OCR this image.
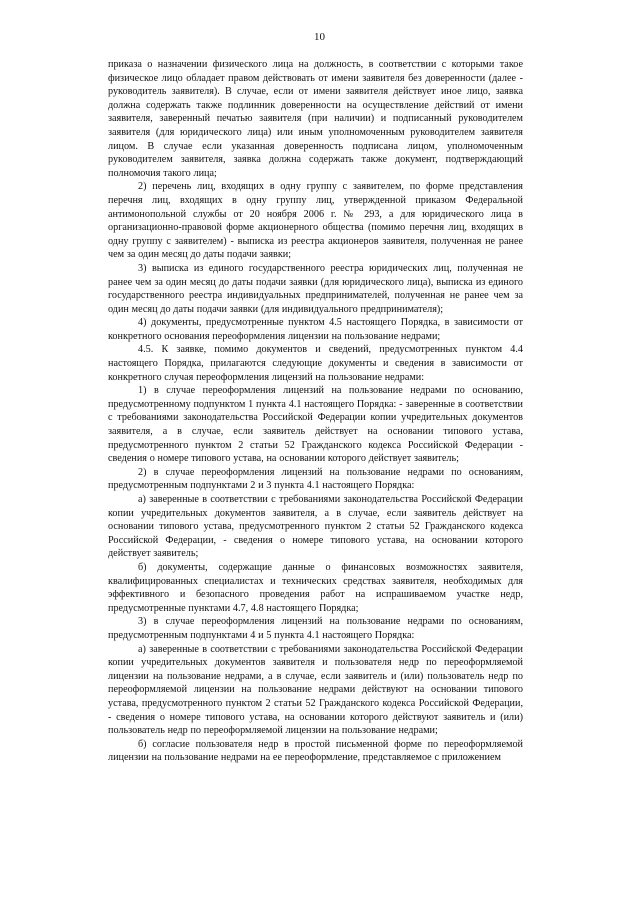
10

приказа о назначении физического лица на должность, в соответствии с которыми такое физическое лицо обладает правом действовать от имени заявителя без доверенности (далее - руководитель заявителя). В случае, если от имени заявителя действует иное лицо, заявка должна содержать также подлинник доверенности на осуществление действий от имени заявителя, заверенный печатью заявителя (при наличии) и подписанный руководителем заявителя (для юридического лица) или иным уполномоченным руководителем заявителя лицом. В случае если указанная доверенность подписана лицом, уполномоченным руководителем заявителя, заявка должна содержать также документ, подтверждающий полномочия такого лица;

2) перечень лиц, входящих в одну группу с заявителем, по форме представления перечня лиц, входящих в одну группу лиц, утвержденной приказом Федеральной антимонопольной службы от 20 ноября 2006 г. № 293, а для юридического лица в организационно-правовой форме акционерного общества (помимо перечня лиц, входящих в одну группу с заявителем) - выписка из реестра акционеров заявителя, полученная не ранее чем за один месяц до даты подачи заявки;

3) выписка из единого государственного реестра юридических лиц, полученная не ранее чем за один месяц до даты подачи заявки (для юридического лица), выписка из единого государственного реестра индивидуальных предпринимателей, полученная не ранее чем за один месяц до даты подачи заявки (для индивидуального предпринимателя);

4) документы, предусмотренные пунктом 4.5 настоящего Порядка, в зависимости от конкретного основания переоформления лицензии на пользование недрами;

4.5. К заявке, помимо документов и сведений, предусмотренных пунктом 4.4 настоящего Порядка, прилагаются следующие документы и сведения в зависимости от конкретного случая переоформления лицензий на пользование недрами:

1) в случае переоформления лицензий на пользование недрами по основанию, предусмотренному подпунктом 1 пункта 4.1 настоящего Порядка: - заверенные в соответствии с требованиями законодательства Российской Федерации копии учредительных документов заявителя, а в случае, если заявитель действует на основании типового устава, предусмотренного пунктом 2 статьи 52 Гражданского кодекса Российской Федерации - сведения о номере типового устава, на основании которого действует заявитель;

2) в случае переоформления лицензий на пользование недрами по основаниям, предусмотренным подпунктами 2 и 3 пункта 4.1 настоящего Порядка:

а) заверенные в соответствии с требованиями законодательства Российской Федерации копии учредительных документов заявителя, а в случае, если заявитель действует на основании типового устава, предусмотренного пунктом 2 статьи 52 Гражданского кодекса Российской Федерации, - сведения о номере типового устава, на основании которого действует заявитель;

б) документы, содержащие данные о финансовых возможностях заявителя, квалифицированных специалистах и технических средствах заявителя, необходимых для эффективного и безопасного проведения работ на испрашиваемом участке недр, предусмотренные пунктами 4.7, 4.8 настоящего Порядка;

3) в случае переоформления лицензий на пользование недрами по основаниям, предусмотренным подпунктами 4 и 5 пункта 4.1 настоящего Порядка:

а) заверенные в соответствии с требованиями законодательства Российской Федерации копии учредительных документов заявителя и пользователя недр по переоформляемой лицензии на пользование недрами, а в случае, если заявитель и (или) пользователь недр по переоформляемой лицензии на пользование недрами действуют на основании типового устава, предусмотренного пунктом 2 статьи 52 Гражданского кодекса Российской Федерации, - сведения о номере типового устава, на основании которого действуют заявитель и (или) пользователь недр по переоформляемой лицензии на пользование недрами;

б) согласие пользователя недр в простой письменной форме по переоформляемой лицензии на пользование недрами на ее переоформление, представляемое с приложением
